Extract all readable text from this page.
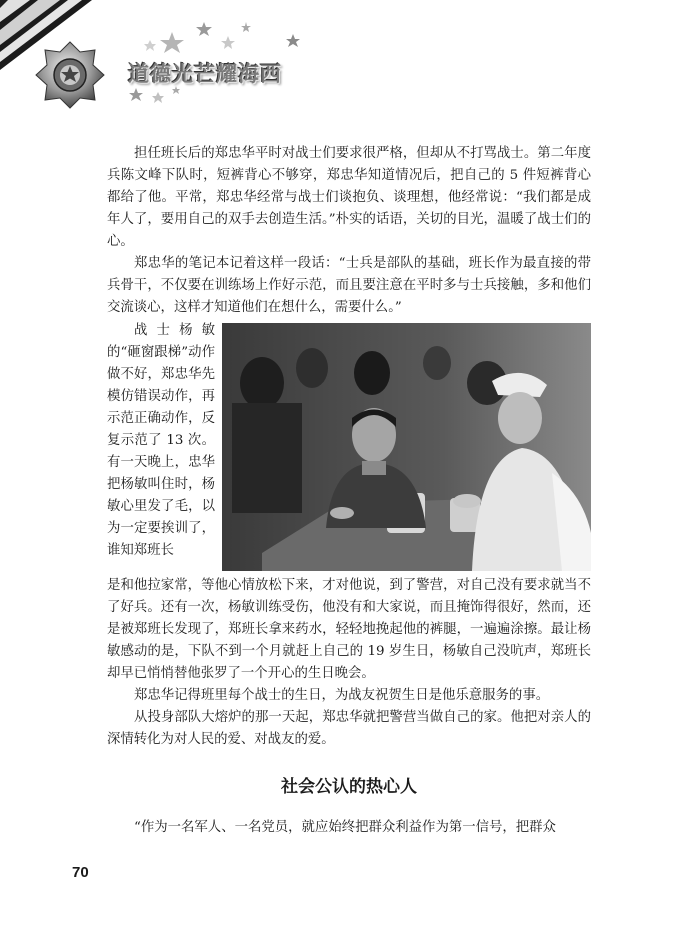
道德光芒耀海西

担任班长后的郑忠华平时对战士们要求很严格，但却从不打骂战士。第二年度兵陈文峰下队时，短裤背心不够穿，郑忠华知道情况后，把自己的 5 件短裤背心都给了他。平常，郑忠华经常与战士们谈抱负、谈理想，他经常说：“我们都是成年人了，要用自己的双手去创造生活。”朴实的话语，关切的目光，温暖了战士们的心。

郑忠华的笔记本记着这样一段话：“士兵是部队的基础，班长作为最直接的带兵骨干，不仅要在训练场上作好示范，而且要注意在平时多与士兵接触，多和他们交流谈心，这样才知道他们在想什么，需要什么。”

战士杨敏的“砸窗跟梯”动作做不好，郑忠华先模仿错误动作，再示范正确动作，反复示范了 13 次。有一天晚上，忠华把杨敏叫住时，杨敏心里发了毛，以为一定要挨训了，谁知郑班长

是和他拉家常，等他心情放松下来，才对他说，到了警营，对自己没有要求就当不了好兵。还有一次，杨敏训练受伤，他没有和大家说，而且掩饰得很好，然而，还是被郑班长发现了，郑班长拿来药水，轻轻地挽起他的裤腿，一遍遍涂擦。最让杨敏感动的是，下队不到一个月就赶上自己的 19 岁生日，杨敏自己没吭声，郑班长却早已悄悄替他张罗了一个开心的生日晚会。

郑忠华记得班里每个战士的生日，为战友祝贺生日是他乐意服务的事。

从投身部队大熔炉的那一天起，郑忠华就把警营当做自己的家。他把对亲人的深情转化为对人民的爱、对战友的爱。

社会公认的热心人

“作为一名军人、一名党员，就应始终把群众利益作为第一信号，把群众

70
